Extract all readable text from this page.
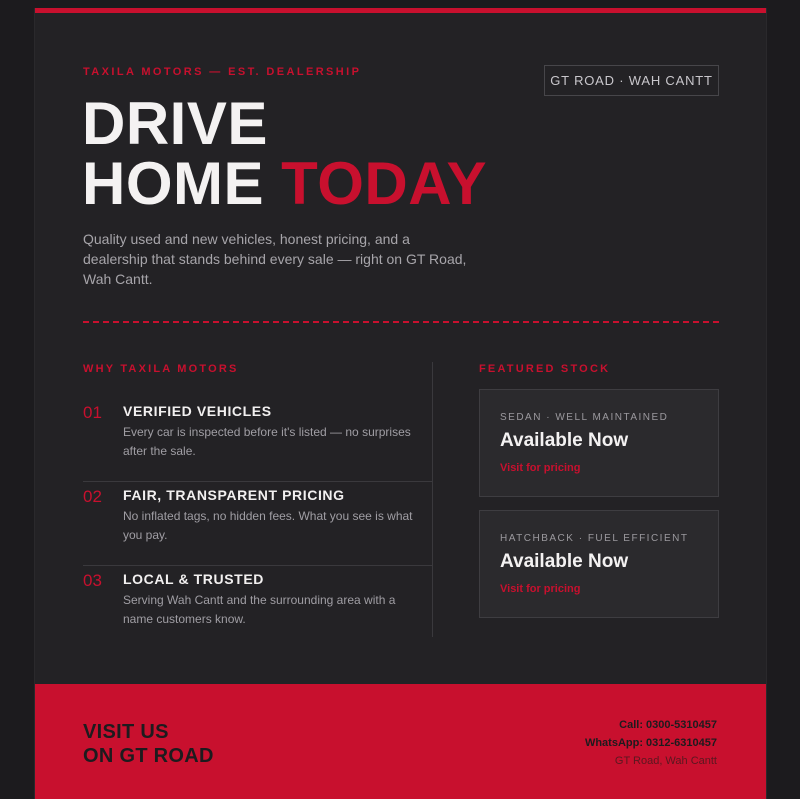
TAXILA MOTORS — EST. DEALERSHIP
GT ROAD · WAH CANTT
DRIVE
HOME TODAY

Quality used and new vehicles, honest pricing, and a dealership that stands behind every sale — right on GT Road, Wah Cantt.

WHY TAXILA MOTORS	FEATURED STOCK
01 VERIFIED VEHICLES
Every car is inspected before it's listed — no surprises after the sale.
02 FAIR, TRANSPARENT PRICING
No inflated tags, no hidden fees. What you see is what you pay.
03 LOCAL & TRUSTED
Serving Wah Cantt and the surrounding area with a name customers know.
SEDAN · WELL MAINTAINED
Available Now
Visit for pricing
HATCHBACK · FUEL EFFICIENT
Available Now
Visit for pricing
VISIT US
ON GT ROAD
Call: 0300-5310457
WhatsApp: 0312-6310457
GT Road, Wah Cantt
